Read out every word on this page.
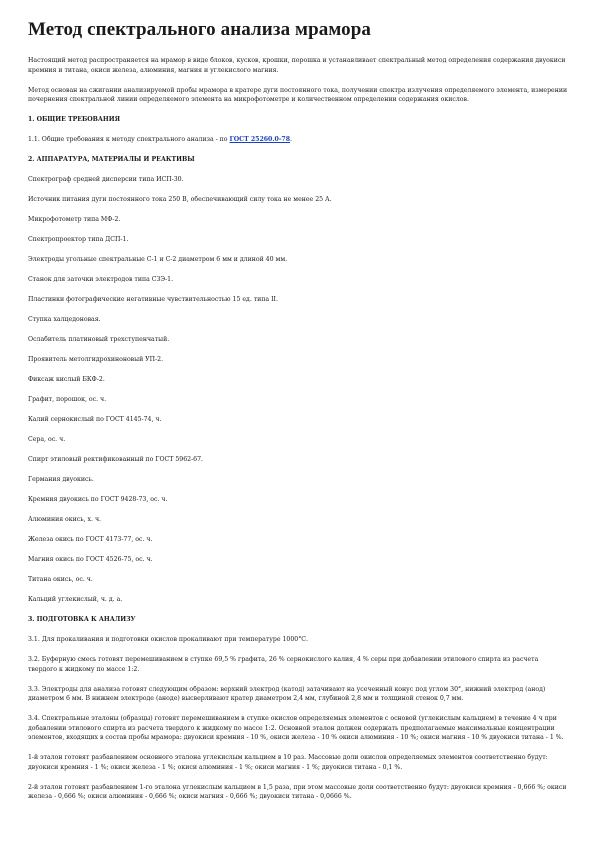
Метод спектрального анализа мрамора

Настоящий метод распространяется на мрамор в виде блоков, кусков, крошки, порошка и устанавливает спектральный метод определения содержания двуокиси кремния и титана, окиси железа, алюминия, магния и углекислого магния.

Метод основан на сжигании анализируемой пробы мрамора в кратере дуги постоянного тока, получении спектра излучения определяемого элемента, измерении почернения спектральной линии определяемого элемента на микрофотометре и количественном определении содержания окислов.

1. ОБЩИЕ ТРЕБОВАНИЯ

1.1. Общие требования к методу спектрального анализа - по ГОСТ 25260.0-78.

2. АППАРАТУРА, МАТЕРИАЛЫ И РЕАКТИВЫ

Спектрограф средней дисперсии типа ИСП-30.

Источник питания дуги постоянного тока 250 В, обеспечивающий силу тока не менее 25 А.

Микрофотометр типа МФ-2.

Спектропроектор типа ДСП-1.

Электроды угольные спектральные С-1 и С-2 диаметром 6 мм и длиной 40 мм.

Станок для заточки электродов типа СЗЭ-1.

Пластинки фотографические негативные чувствительностью 15 ед. типа II.

Ступка халцедоновая.

Ослабитель платиновый трехступенчатый.

Проявитель метолгидрохиноновый УП-2.

Фиксаж кислый БКФ-2.

Графит, порошок, ос. ч.

Калий сернокислый по ГОСТ 4145-74, ч.

Сера, ос. ч.

Спирт этиловый ректификованный по ГОСТ 5962-67.

Германия двуокись.

Кремния двуокись по ГОСТ 9428-73, ос. ч.

Алюминия окись, х. ч.

Железа окись по ГОСТ 4173-77, ос. ч.

Магния окись по ГОСТ 4526-75, ос. ч.

Титана окись, ос. ч.

Кальций углекислый, ч. д. а.

3. ПОДГОТОВКА К АНАЛИЗУ

3.1. Для прокаливания и подготовки окислов прокаливают при температуре 1000°С.

3.2. Буферную смесь готовят перемешиванием в ступке 69,5 % графита, 26 % сернокислого калия, 4 % серы при добавлении этилового спирта из расчета твердого к жидкому по массе 1:2.

3.3. Электроды для анализа готовят следующим образом: верхний электрод (катод) затачивают на усеченный конус под углом 30°, нижний электрод (анод) диаметром 6 мм. В нижнем электроде (аноде) высверливают кратер диаметром 2,4 мм, глубиной 2,8 мм и толщиной стенок 0,7 мм.

3.4. Спектральные эталоны (образцы) готовят перемешиванием в ступке окислов определяемых элементов с основой (углекислым кальцием) в течение 4 ч при добавлении этилового спирта из расчета твердого к жидкому по массе 1:2. Основной эталон должен содержать предполагаемые максимальные концентрации элементов, входящих в состав пробы мрамора: двуокиси кремния - 10 %, окиси железа - 10 % окиси алюминия - 10 %; окиси магния - 10 % двуокиси титана - 1 %.

1-й эталон готовят разбавлением основного эталона углекислым кальцием в 10 раз. Массовые доли окислов определяемых элементов соответственно будут: двуокиси кремния - 1 %; окиси железа - 1 %; окиси алюминия - 1 %; окиси магния - 1 %; двуокиси титана - 0,1 %.

2-й эталон готовят разбавлением 1-го эталона углекислым кальцием в 1,5 раза, при этом массовые доли соответственно будут: двуокиси кремния - 0,666 %; окиси железа - 0,666 %; окиси алюминия - 0,666 %; окиси магния - 0,666 %; двуокиси титана - 0,0666 %.
